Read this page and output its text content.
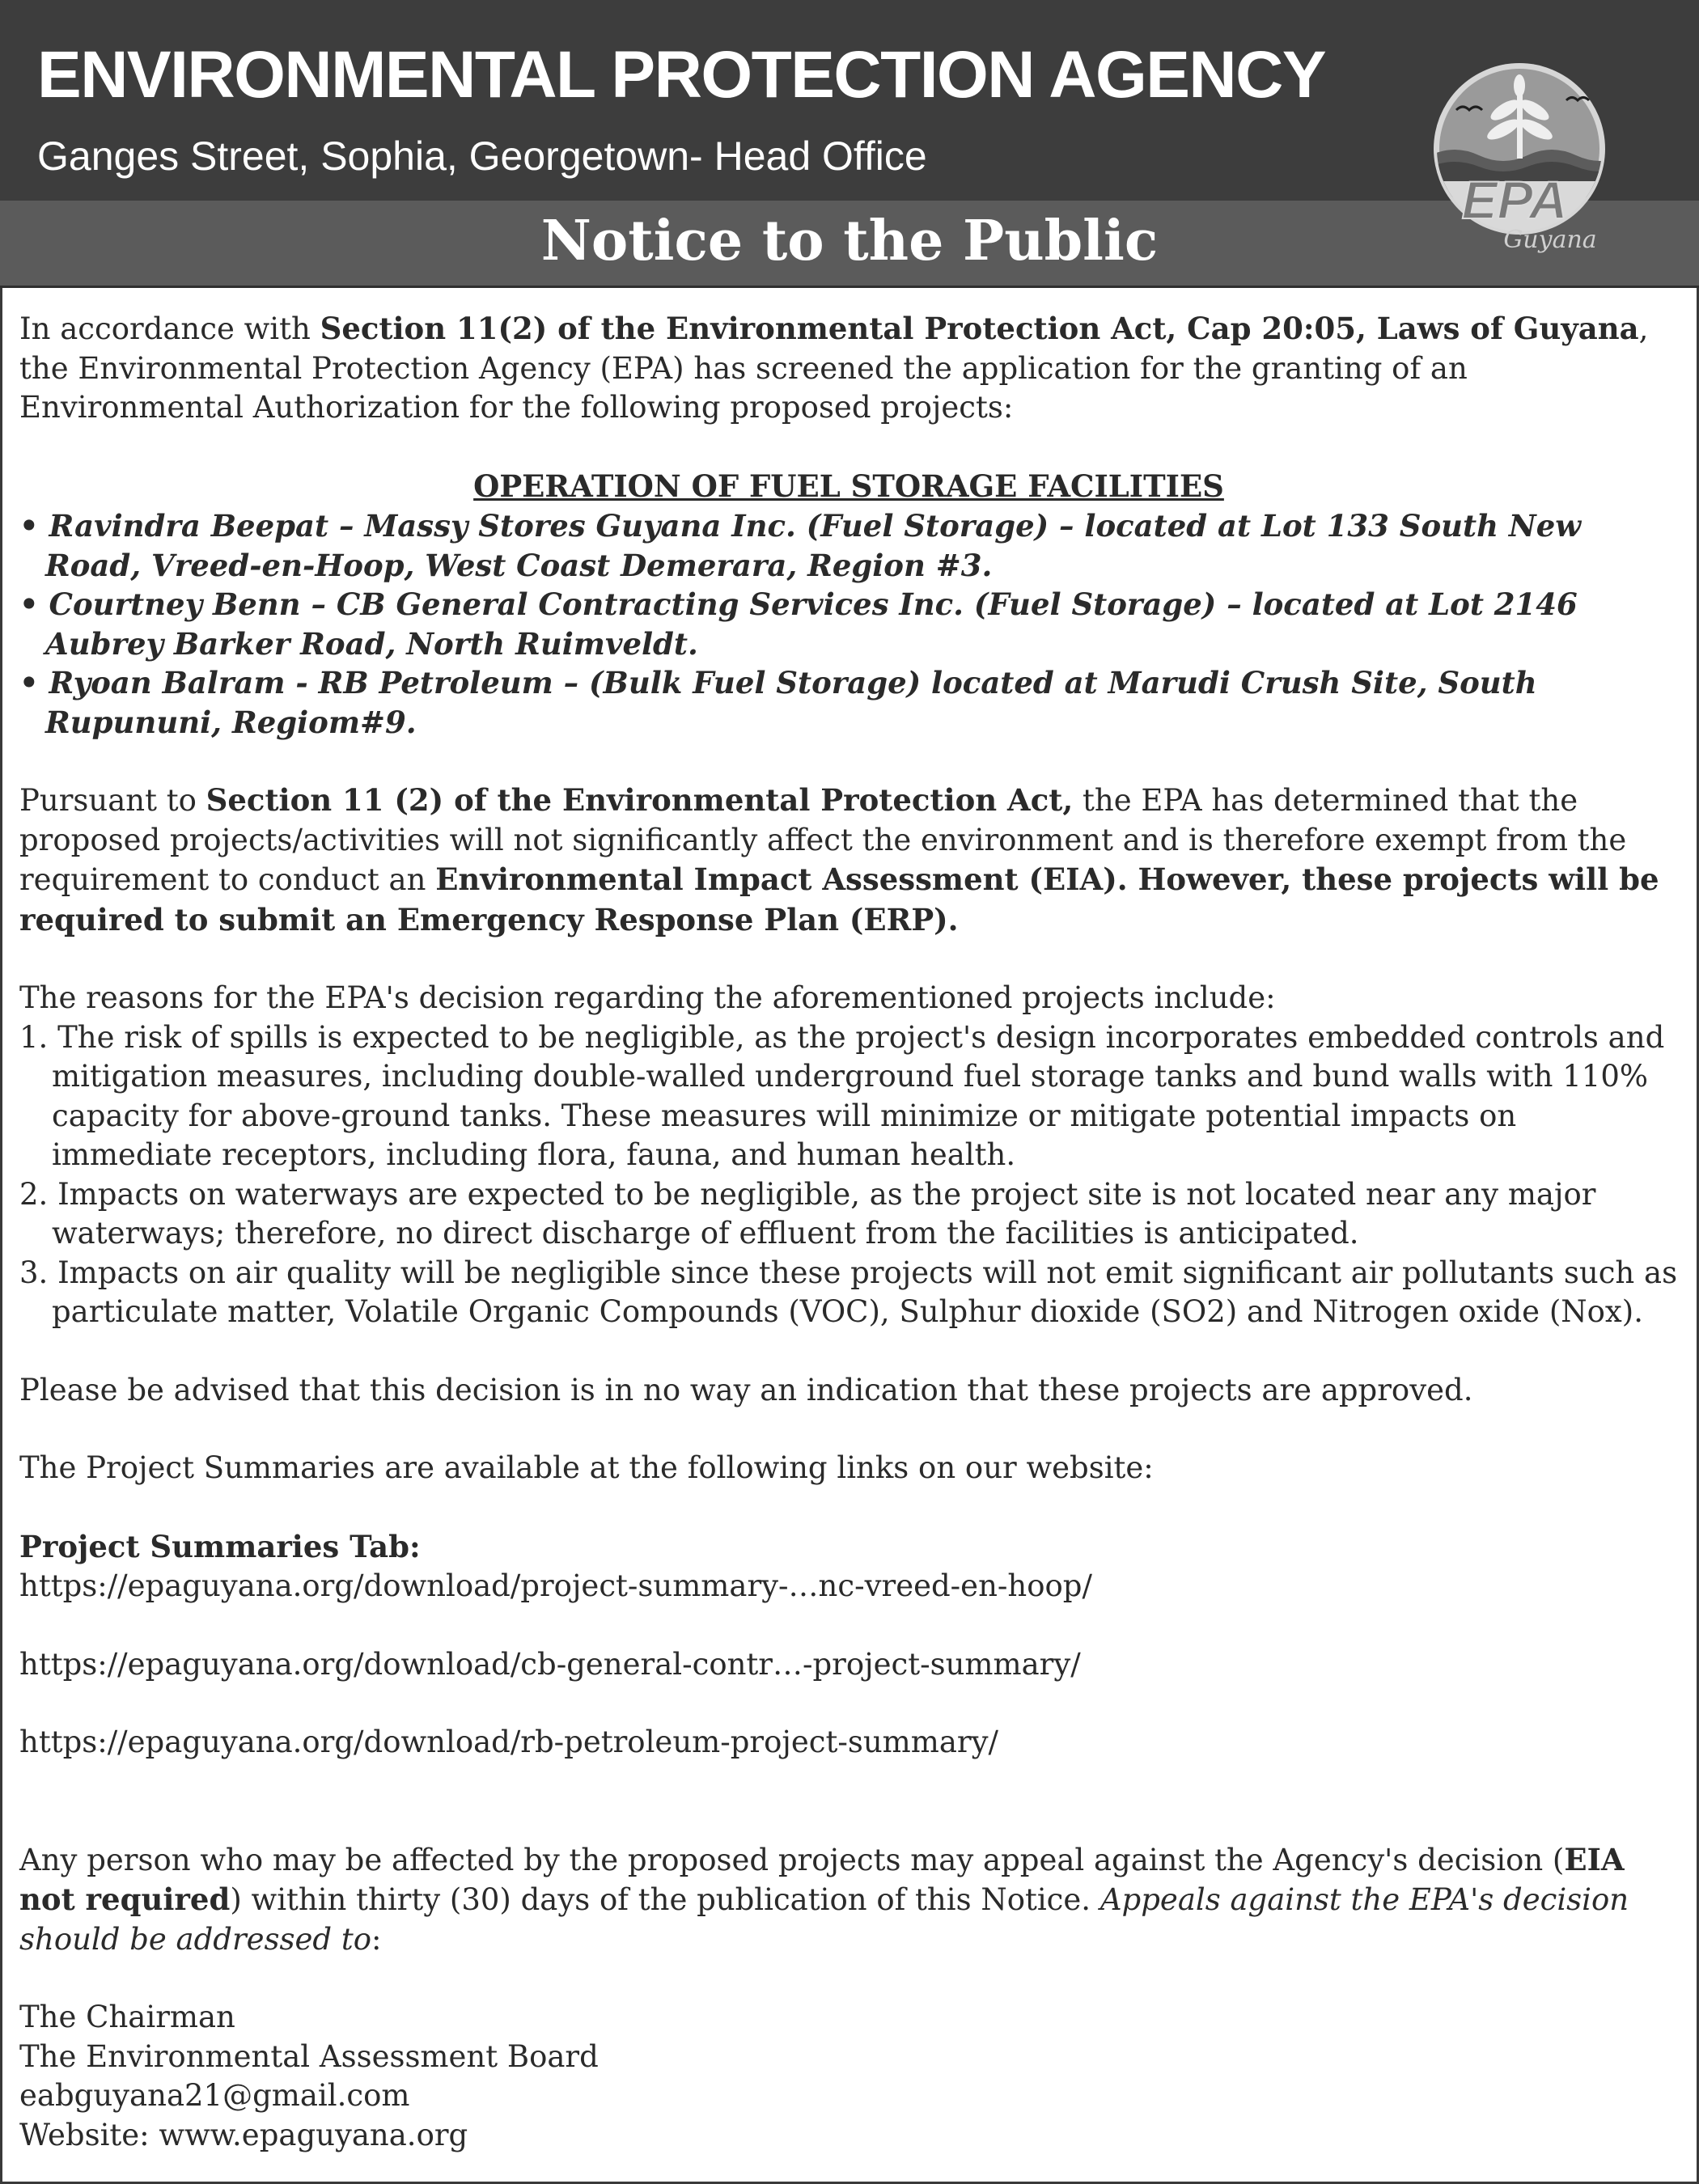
ENVIRONMENTAL PROTECTION AGENCY
Ganges Street, Sophia, Georgetown- Head Office
Notice to the Public
EPA
Guyana

In accordance with Section 11(2) of the Environmental Protection Act, Cap 20:05, Laws of Guyana, the Environmental Protection Agency (EPA) has screened the application for the granting of an Environmental Authorization for the following proposed projects:

OPERATION OF FUEL STORAGE FACILITIES

• Ravindra Beepat – Massy Stores Guyana Inc. (Fuel Storage) – located at Lot 133 South New Road, Vreed-en-Hoop, West Coast Demerara, Region #3.

• Courtney Benn – CB General Contracting Services Inc. (Fuel Storage) – located at Lot 2146 Aubrey Barker Road, North Ruimveldt.

• Ryoan Balram - RB Petroleum – (Bulk Fuel Storage) located at Marudi Crush Site, South Rupununi, Regiom#9.

Pursuant to Section 11 (2) of the Environmental Protection Act, the EPA has determined that the proposed projects/activities will not significantly affect the environment and is therefore exempt from the requirement to conduct an Environmental Impact Assessment (EIA). However, these projects will be required to submit an Emergency Response Plan (ERP).

The reasons for the EPA's decision regarding the aforementioned projects include:

1. The risk of spills is expected to be negligible, as the project's design incorporates embedded controls and mitigation measures, including double-walled underground fuel storage tanks and bund walls with 110% capacity for above-ground tanks. These measures will minimize or mitigate potential impacts on immediate receptors, including flora, fauna, and human health.

2. Impacts on waterways are expected to be negligible, as the project site is not located near any major waterways; therefore, no direct discharge of effluent from the facilities is anticipated.

3. Impacts on air quality will be negligible since these projects will not emit significant air pollutants such as particulate matter, Volatile Organic Compounds (VOC), Sulphur dioxide (SO2) and Nitrogen oxide (Nox).

Please be advised that this decision is in no way an indication that these projects are approved.

The Project Summaries are available at the following links on our website:

Project Summaries Tab:

https://epaguyana.org/download/project-summary-…nc-vreed-en-hoop/

https://epaguyana.org/download/cb-general-contr…-project-summary/

https://epaguyana.org/download/rb-petroleum-project-summary/

Any person who may be affected by the proposed projects may appeal against the Agency's decision (EIA not required) within thirty (30) days of the publication of this Notice. Appeals against the EPA's decision should be addressed to:

The Chairman

The Environmental Assessment Board

eabguyana21@gmail.com

Website: www.epaguyana.org
